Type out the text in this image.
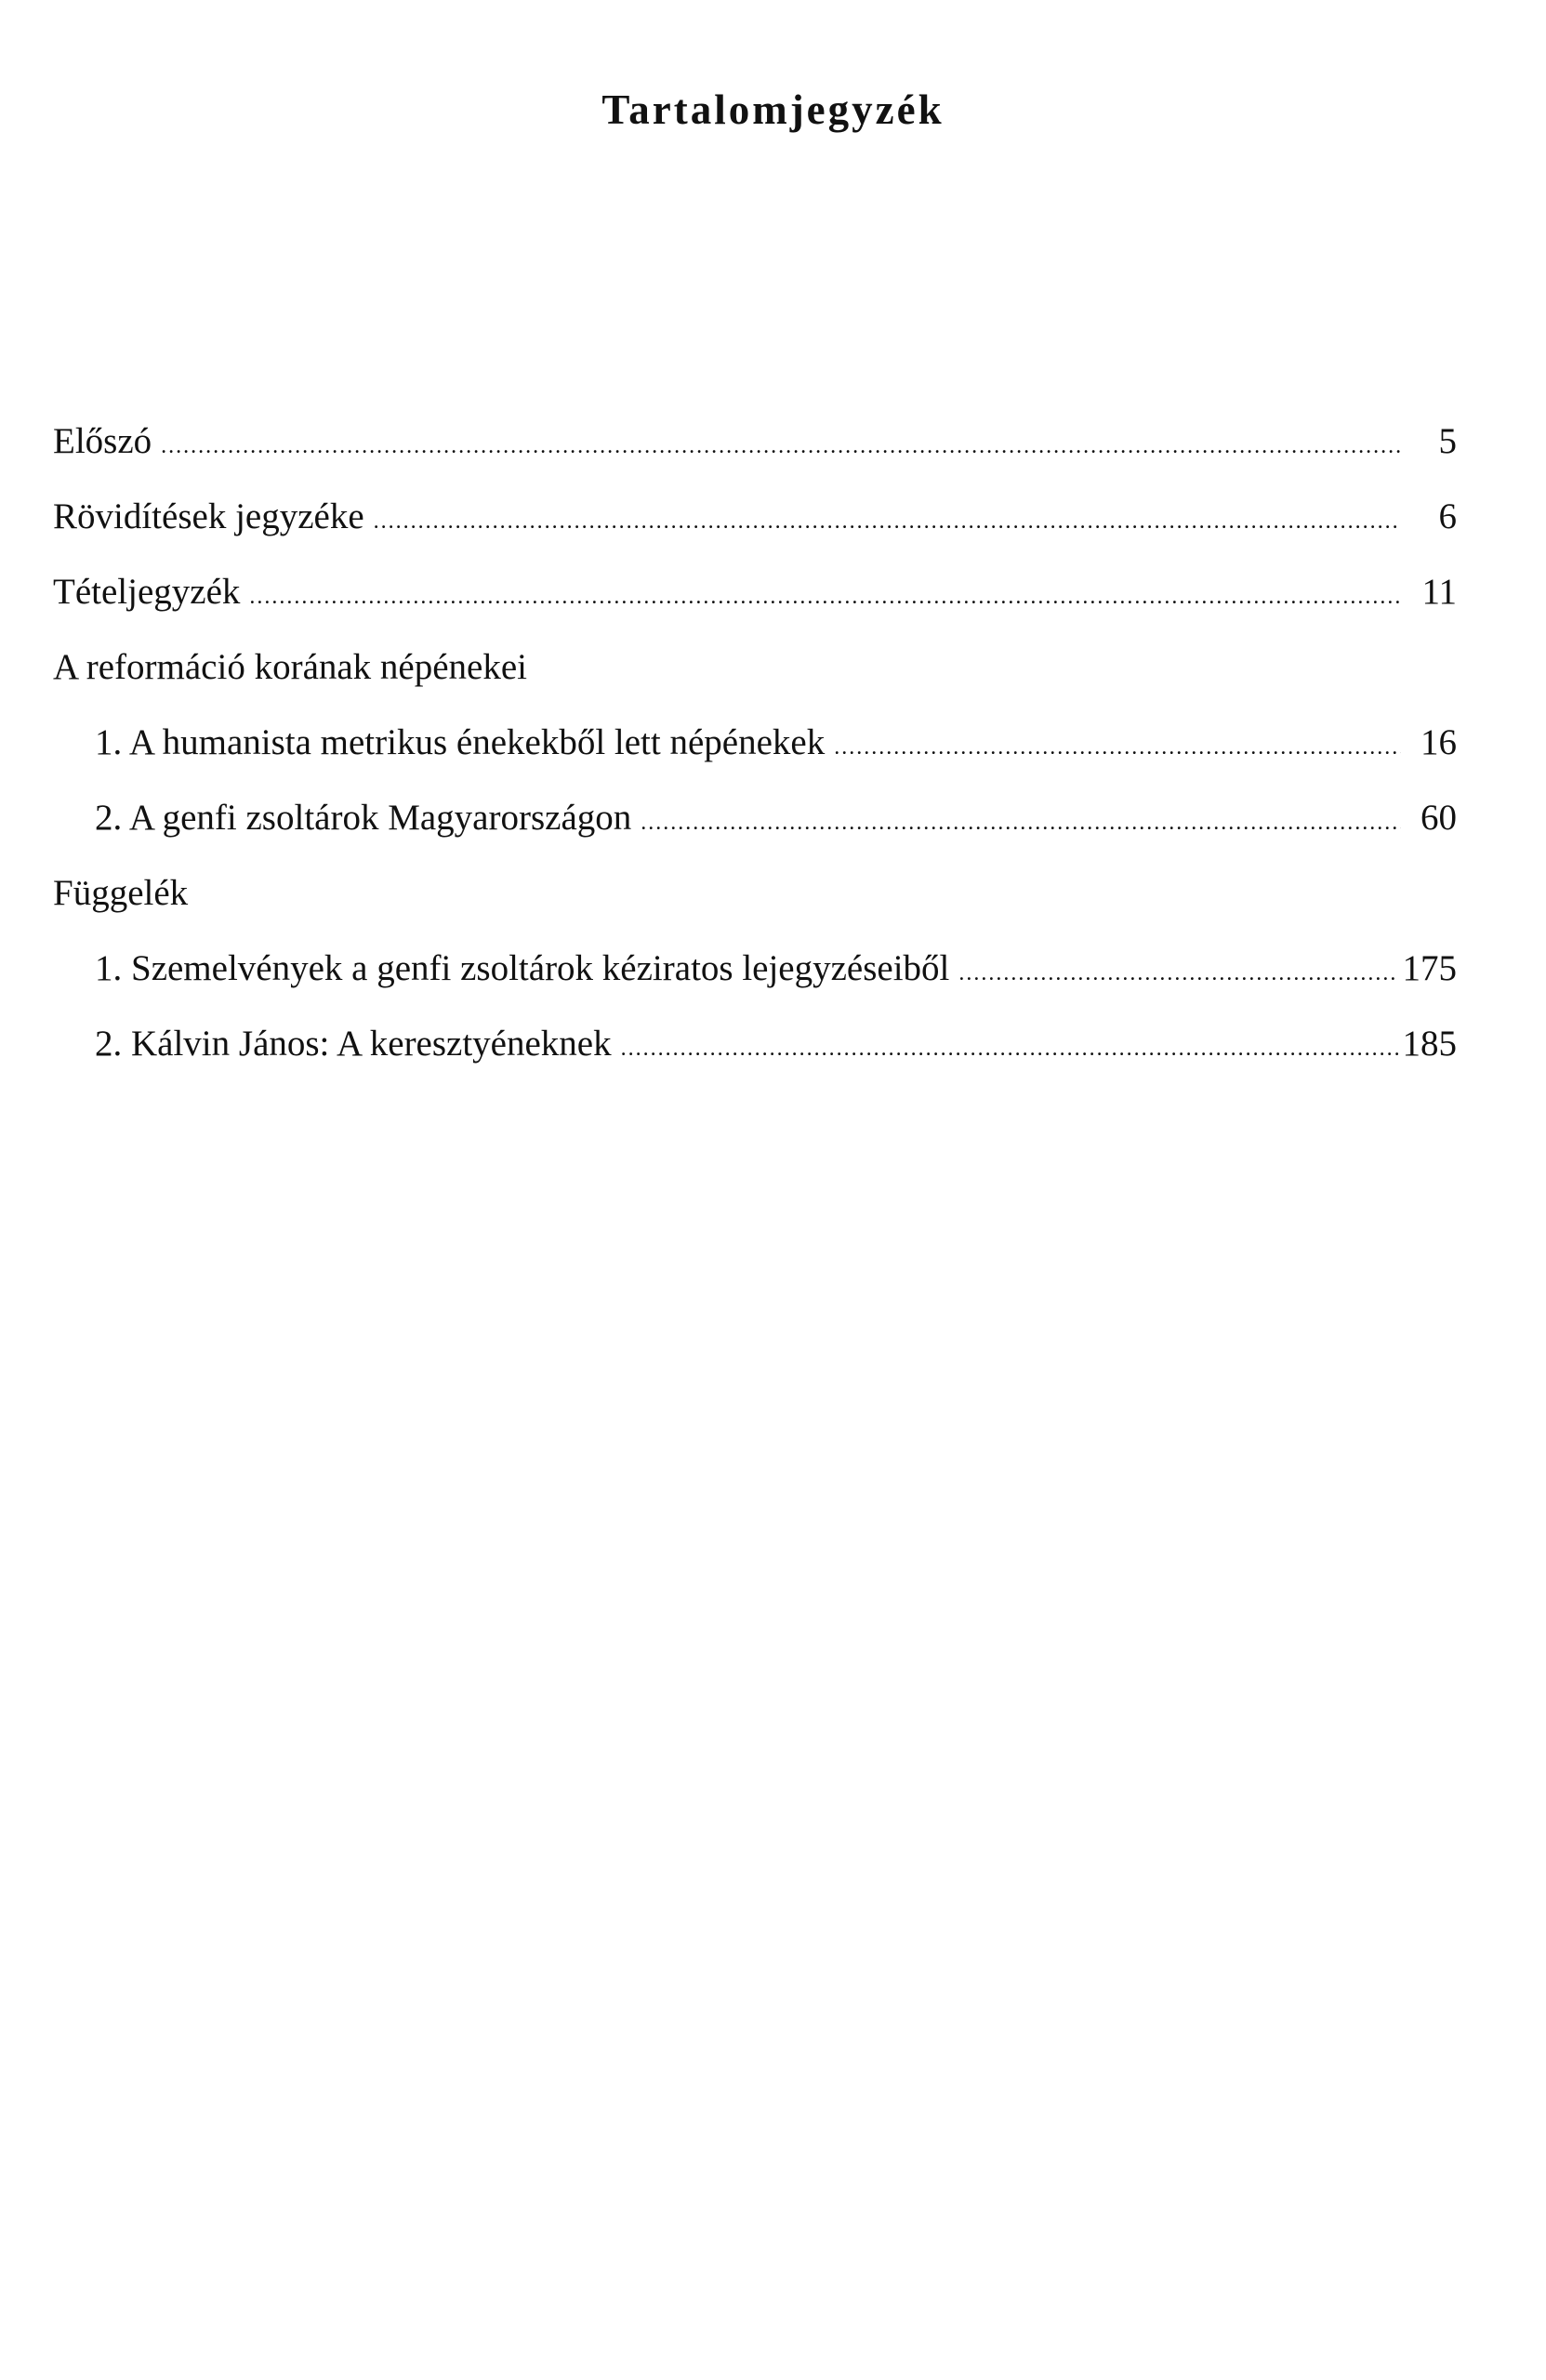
Tartalomjegyzék
Előszó .....	5
Rövidítések jegyzéke .....	6
Tételjegyzék .....	11
A reformáció korának népénekei
1. A humanista metrikus énekekből lett népénekek .....	16
2. A genfi zsoltárok Magyarországon .....	60
Függelék
1. Szemelvények a genfi zsoltárok kéziratos lejegyzéseiből .....	175
2. Kálvin János: A keresztyéneknek .....	185
